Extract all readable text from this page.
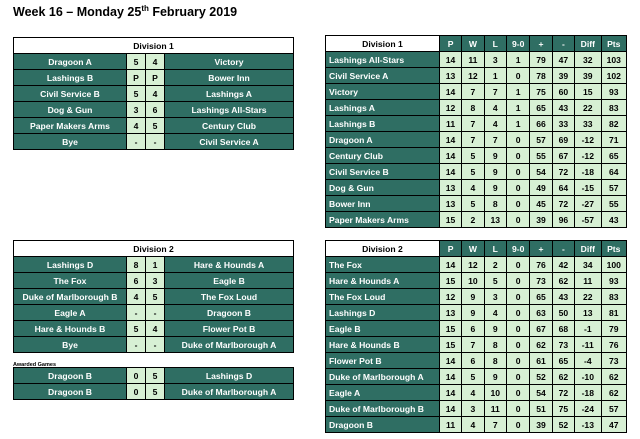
Week 16 – Monday 25th February 2019
Division 1			
Dragoon A	5	4	Victory
Lashings B	P	P	Bower Inn
Civil Service B	5	4	Lashings A
Dog & Gun	3	6	Lashings All-Stars
Paper Makers Arms	4	5	Century Club
Bye	-	-	Civil Service A
Division 2			
Lashings D	8	1	Hare & Hounds A
The Fox	6	3	Eagle B
Duke of Marlborough B	4	5	The Fox Loud
Eagle A	-	-	Dragoon B
Hare & Hounds B	5	4	Flower Pot B
Bye	-	-	Duke of Marlborough A
Awarded Games
Dragoon B	0	5	Lashings D
Dragoon B	0	5	Duke of Marlborough A
Division 1	P	W	L	9-0	+	-	Diff	Pts
Lashings All-Stars	14	11	3	1	79	47	32	103
Civil Service A	13	12	1	0	78	39	39	102
Victory	14	7	7	1	75	60	15	93
Lashings A	12	8	4	1	65	43	22	83
Lashings B	11	7	4	1	66	33	33	82
Dragoon A	14	7	7	0	57	69	-12	71
Century Club	14	5	9	0	55	67	-12	65
Civil Service B	14	5	9	0	54	72	-18	64
Dog & Gun	13	4	9	0	49	64	-15	57
Bower Inn	13	5	8	0	45	72	-27	55
Paper Makers Arms	15	2	13	0	39	96	-57	43
Division 2	P	W	L	9-0	+	-	Diff	Pts
The Fox	14	12	2	0	76	42	34	100
Hare & Hounds A	15	10	5	0	73	62	11	93
The Fox Loud	12	9	3	0	65	43	22	83
Lashings D	13	9	4	0	63	50	13	81
Eagle B	15	6	9	0	67	68	-1	79
Hare & Hounds B	15	7	8	0	62	73	-11	76
Flower Pot B	14	6	8	0	61	65	-4	73
Duke of Marlborough A	14	5	9	0	52	62	-10	62
Eagle A	14	4	10	0	54	72	-18	62
Duke of Marlborough B	14	3	11	0	51	75	-24	57
Dragoon B	11	4	7	0	39	52	-13	47
